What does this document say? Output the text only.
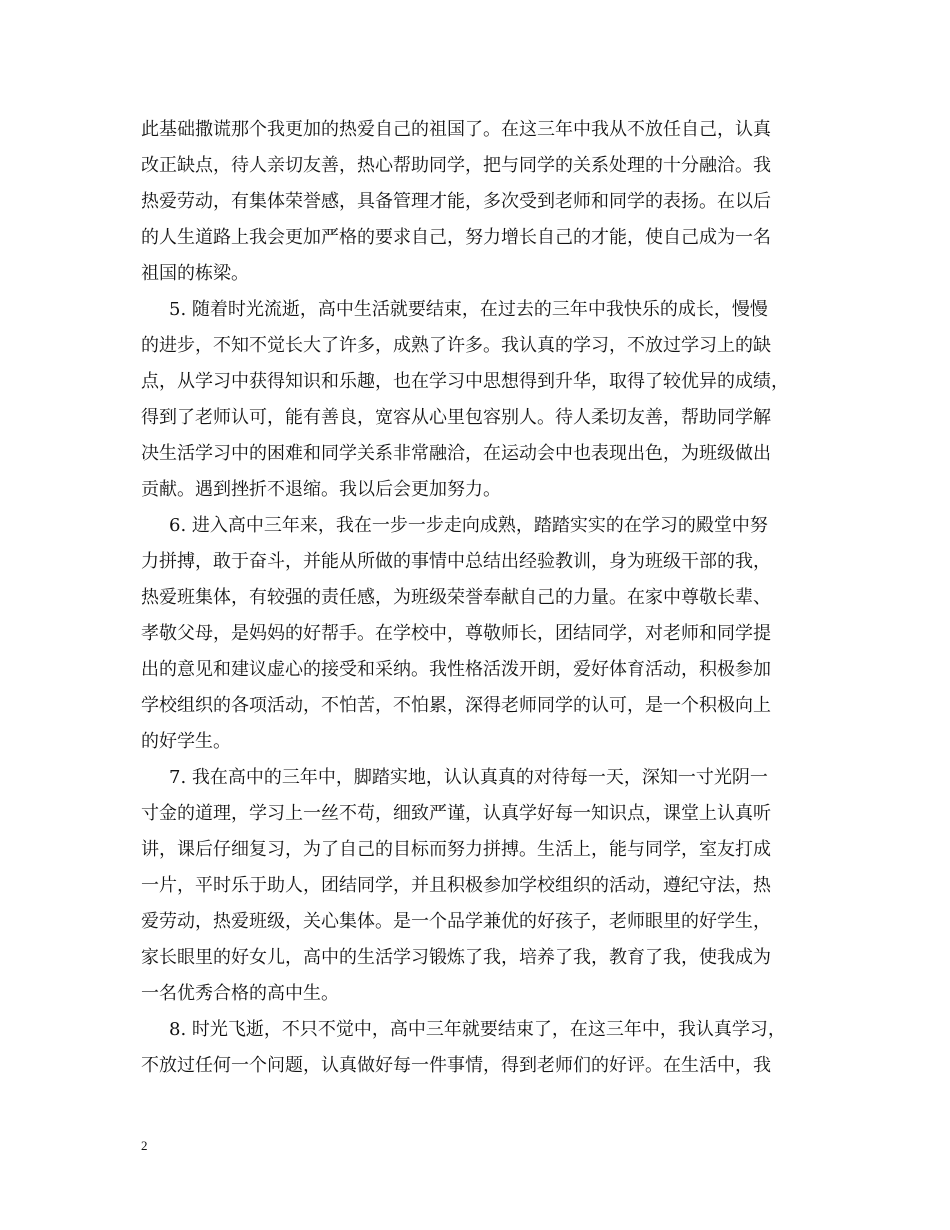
此基础撒谎那个我更加的热爱自己的祖国了。在这三年中我从不放任自己，认真
改正缺点，待人亲切友善，热心帮助同学，把与同学的关系处理的十分融洽。我
热爱劳动，有集体荣誉感，具备管理才能，多次受到老师和同学的表扬。在以后
的人生道路上我会更加严格的要求自己，努力增长自己的才能，使自己成为一名
祖国的栋梁。
5. 随着时光流逝，高中生活就要结束，在过去的三年中我快乐的成长，慢慢
的进步，不知不觉长大了许多，成熟了许多。我认真的学习，不放过学习上的缺
点，从学习中获得知识和乐趣，也在学习中思想得到升华，取得了较优异的成绩，
得到了老师认可，能有善良，宽容从心里包容别人。待人柔切友善，帮助同学解
决生活学习中的困难和同学关系非常融洽，在运动会中也表现出色，为班级做出
贡献。遇到挫折不退缩。我以后会更加努力。
6. 进入高中三年来，我在一步一步走向成熟，踏踏实实的在学习的殿堂中努
力拼搏，敢于奋斗，并能从所做的事情中总结出经验教训，身为班级干部的我，
热爱班集体，有较强的责任感，为班级荣誉奉献自己的力量。在家中尊敬长辈、
孝敬父母，是妈妈的好帮手。在学校中，尊敬师长，团结同学，对老师和同学提
出的意见和建议虚心的接受和采纳。我性格活泼开朗，爱好体育活动，积极参加
学校组织的各项活动，不怕苦，不怕累，深得老师同学的认可，是一个积极向上
的好学生。
7. 我在高中的三年中，脚踏实地，认认真真的对待每一天，深知一寸光阴一
寸金的道理，学习上一丝不苟，细致严谨，认真学好每一知识点，课堂上认真听
讲，课后仔细复习，为了自己的目标而努力拼搏。生活上，能与同学，室友打成
一片，平时乐于助人，团结同学，并且积极参加学校组织的活动，遵纪守法，热
爱劳动，热爱班级，关心集体。是一个品学兼优的好孩子，老师眼里的好学生，
家长眼里的好女儿，高中的生活学习锻炼了我，培养了我，教育了我，使我成为
一名优秀合格的高中生。
8. 时光飞逝，不只不觉中，高中三年就要结束了，在这三年中，我认真学习，
不放过任何一个问题，认真做好每一件事情，得到老师们的好评。在生活中，我
2
